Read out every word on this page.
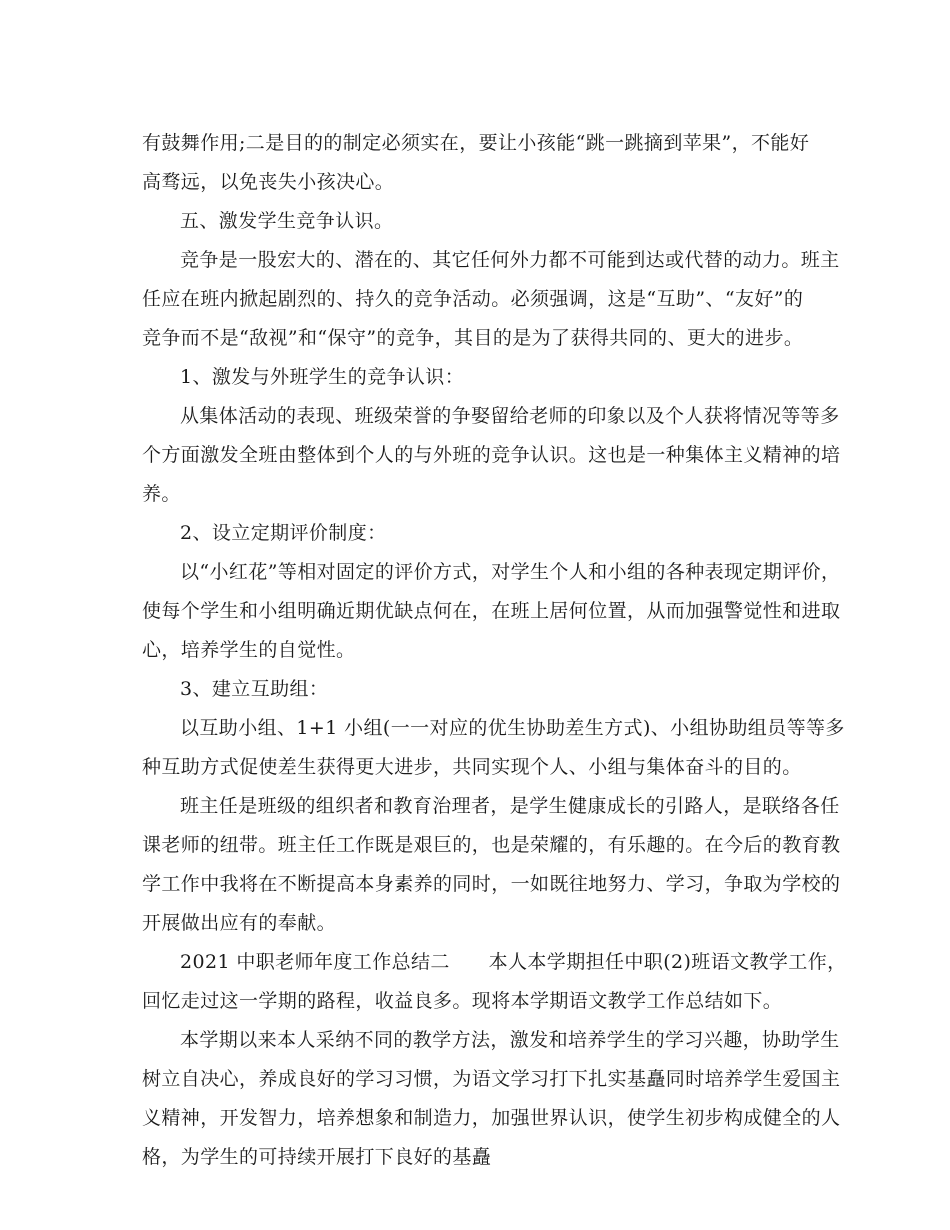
有鼓舞作用;二是目的的制定必须实在，要让小孩能“跳一跳摘到苹果”，不能好
高骛远，以免丧失小孩决心。
五、激发学生竞争认识。
竞争是一股宏大的、潜在的、其它任何外力都不可能到达或代替的动力。班主
任应在班内掀起剧烈的、持久的竞争活动。必须强调，这是“互助”、“友好”的
竞争而不是“敌视”和“保守”的竞争，其目的是为了获得共同的、更大的进步。
1、激发与外班学生的竞争认识：
从集体活动的表现、班级荣誉的争娶留给老师的印象以及个人获将情况等等多
个方面激发全班由整体到个人的与外班的竞争认识。这也是一种集体主义精神的培
养。
2、设立定期评价制度：
以“小红花”等相对固定的评价方式，对学生个人和小组的各种表现定期评价，
使每个学生和小组明确近期优缺点何在，在班上居何位置，从而加强警觉性和进取
心，培养学生的自觉性。
3、建立互助组：
以互助小组、1+1 小组(一一对应的优生协助差生方式)、小组协助组员等等多
种互助方式促使差生获得更大进步，共同实现个人、小组与集体奋斗的目的。
班主任是班级的组织者和教育治理者，是学生健康成长的引路人，是联络各任
课老师的纽带。班主任工作既是艰巨的，也是荣耀的，有乐趣的。在今后的教育教
学工作中我将在不断提高本身素养的同时，一如既往地努力、学习，争取为学校的
开展做出应有的奉献。
2021 中职老师年度工作总结二　　本人本学期担任中职(2)班语文教学工作，
回忆走过这一学期的路程，收益良多。现将本学期语文教学工作总结如下。
本学期以来本人采纳不同的教学方法，激发和培养学生的学习兴趣，协助学生
树立自决心，养成良好的学习习惯，为语文学习打下扎实基矗同时培养学生爱国主
义精神，开发智力，培养想象和制造力，加强世界认识，使学生初步构成健全的人
格，为学生的可持续开展打下良好的基矗
